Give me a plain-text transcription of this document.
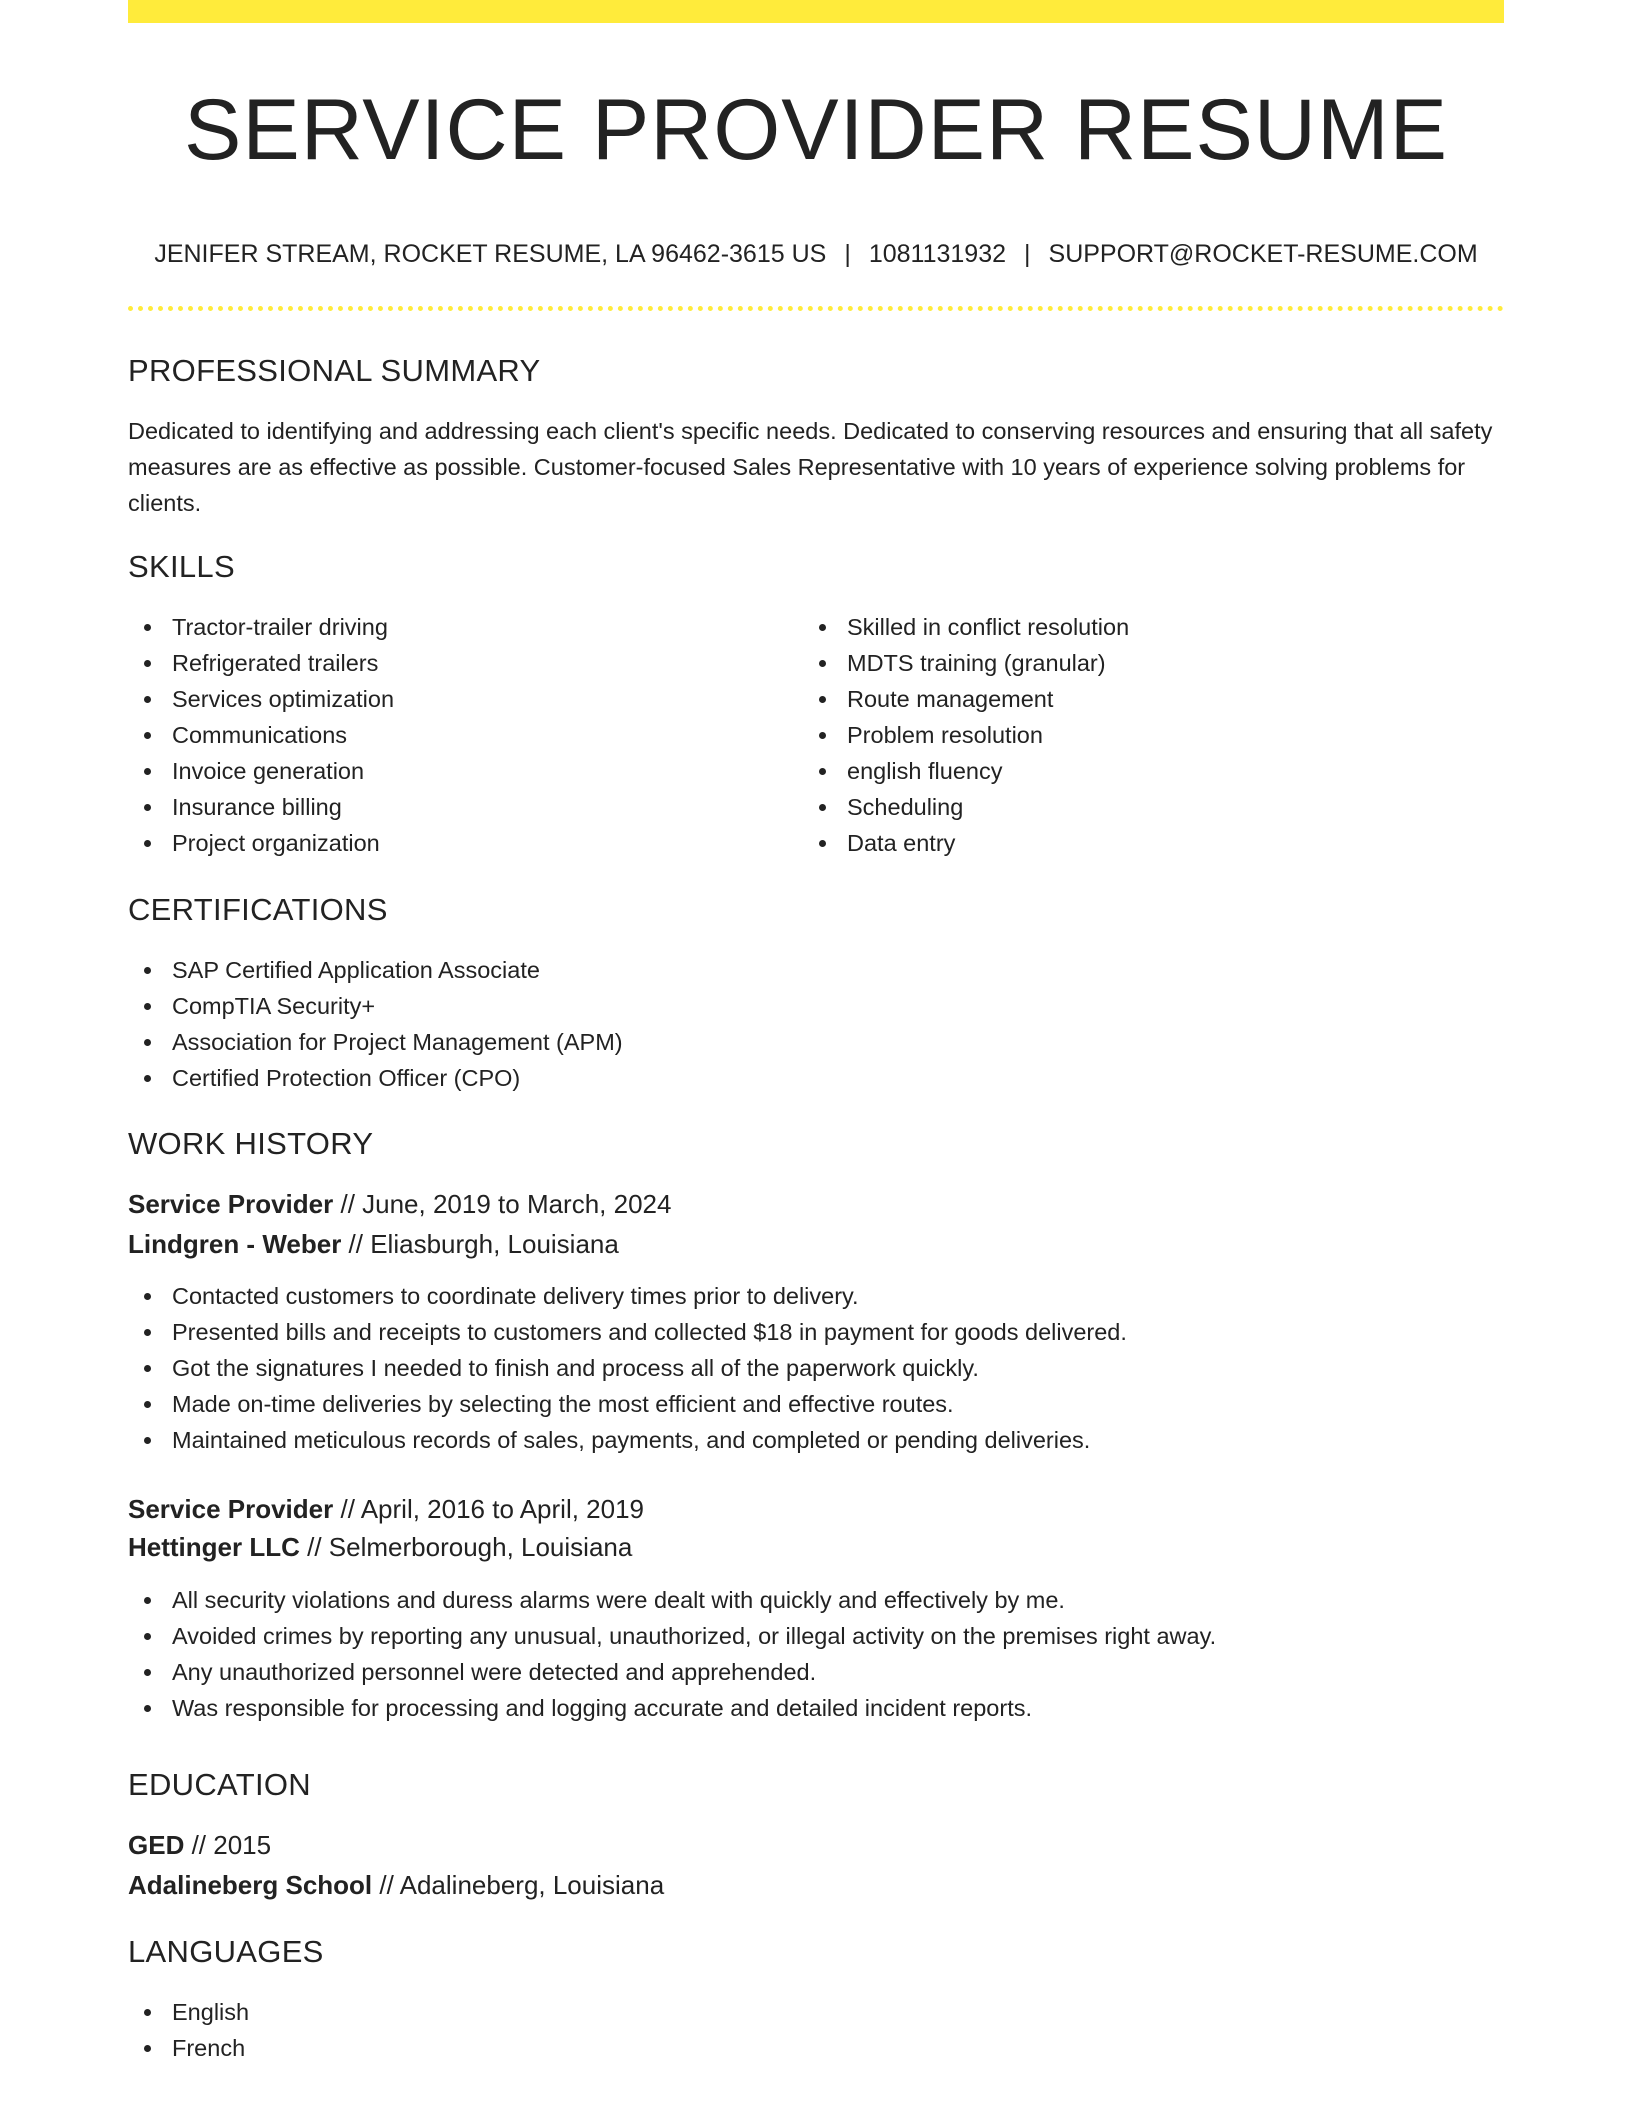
SERVICE PROVIDER RESUME
JENIFER STREAM, ROCKET RESUME, LA 96462-3615 US | 1081131932 | SUPPORT@ROCKET-RESUME.COM
PROFESSIONAL SUMMARY

Dedicated to identifying and addressing each client's specific needs. Dedicated to conserving resources and ensuring that all safety measures are as effective as possible. Customer-focused Sales Representative with 10 years of experience solving problems for clients.

SKILLS
Tractor-trailer driving
Refrigerated trailers
Services optimization
Communications
Invoice generation
Insurance billing
Project organization
Skilled in conflict resolution
MDTS training (granular)
Route management
Problem resolution
english fluency
Scheduling
Data entry
CERTIFICATIONS
SAP Certified Application Associate
CompTIA Security+
Association for Project Management (APM)
Certified Protection Officer (CPO)
WORK HISTORY
Service Provider // June, 2019 to March, 2024
Lindgren - Weber // Eliasburgh, Louisiana
Contacted customers to coordinate delivery times prior to delivery.
Presented bills and receipts to customers and collected $18 in payment for goods delivered.
Got the signatures I needed to finish and process all of the paperwork quickly.
Made on-time deliveries by selecting the most efficient and effective routes.
Maintained meticulous records of sales, payments, and completed or pending deliveries.
Service Provider // April, 2016 to April, 2019
Hettinger LLC // Selmerborough, Louisiana
All security violations and duress alarms were dealt with quickly and effectively by me.
Avoided crimes by reporting any unusual, unauthorized, or illegal activity on the premises right away.
Any unauthorized personnel were detected and apprehended.
Was responsible for processing and logging accurate and detailed incident reports.
EDUCATION
GED // 2015
Adalineberg School // Adalineberg, Louisiana
LANGUAGES
English
French
